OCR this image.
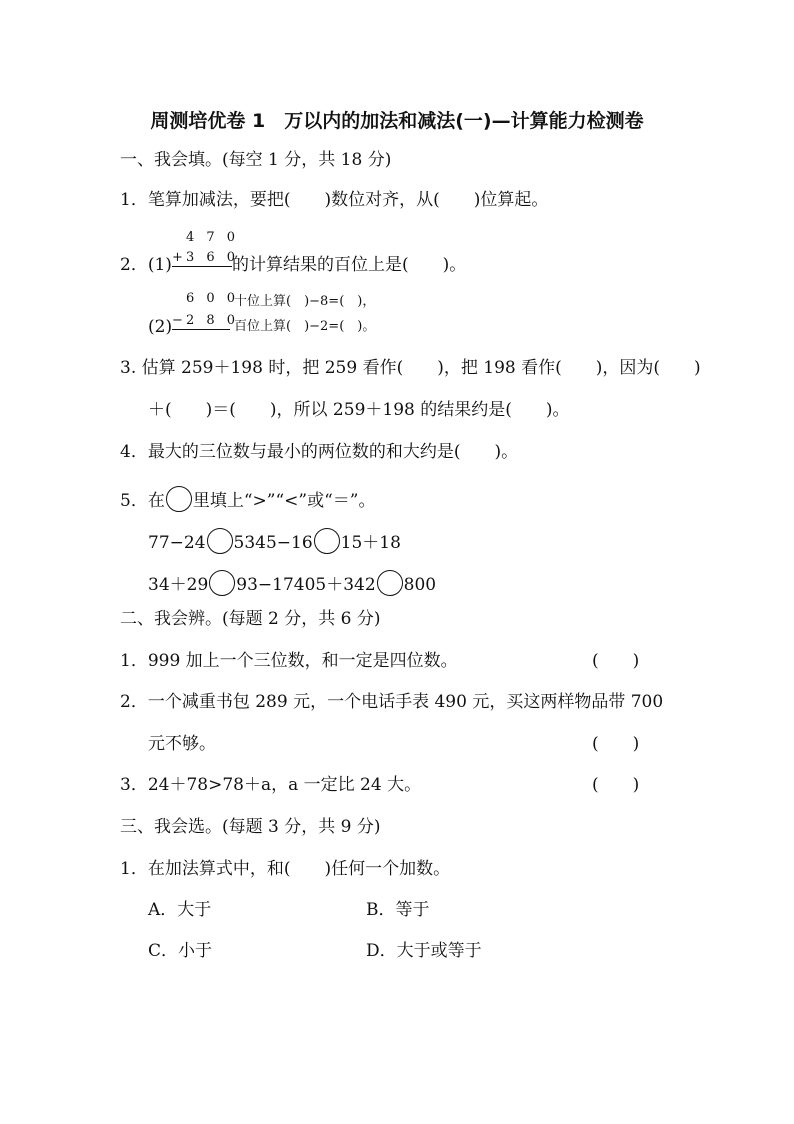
周测培优卷 1　万以内的加法和减法(一)—计算能力检测卷
一、我会填。(每空 1 分，共 18 分)
1．笔算加减法，要把(　　)数位对齐，从(　　)位算起。
4 7 0
2．(1) + 3 6 0
的计算结果的百位上是(　　)。
6 0 0
十位上算(　)−8=(　)，
(2) − 2 8 0
百位上算(　)−2=(　)。
3. 估算 259＋198 时，把 259 看作(　　)，把 198 看作(　　)，因为(　　)
＋(　　)＝(　　)，所以 259＋198 的结果约是(　　)。
4．最大的三位数与最小的两位数的和大约是(　　)。
5．在 里填上“>”“<”或“＝”。
77−24 5345−16 15＋18
34＋29 93−17405＋342 800
二、我会辨。(每题 2 分，共 6 分)
1．999 加上一个三位数，和一定是四位数。	(　　)
2．一个减重书包 289 元，一个电话手表 490 元，买这两样物品带 700
元不够。	(　　)
3．24＋78>78＋a，a 一定比 24 大。	(　　)
三、我会选。(每题 3 分，共 9 分)
1．在加法算式中，和(　　)任何一个加数。
A．大于	B．等于
C．小于	D．大于或等于
